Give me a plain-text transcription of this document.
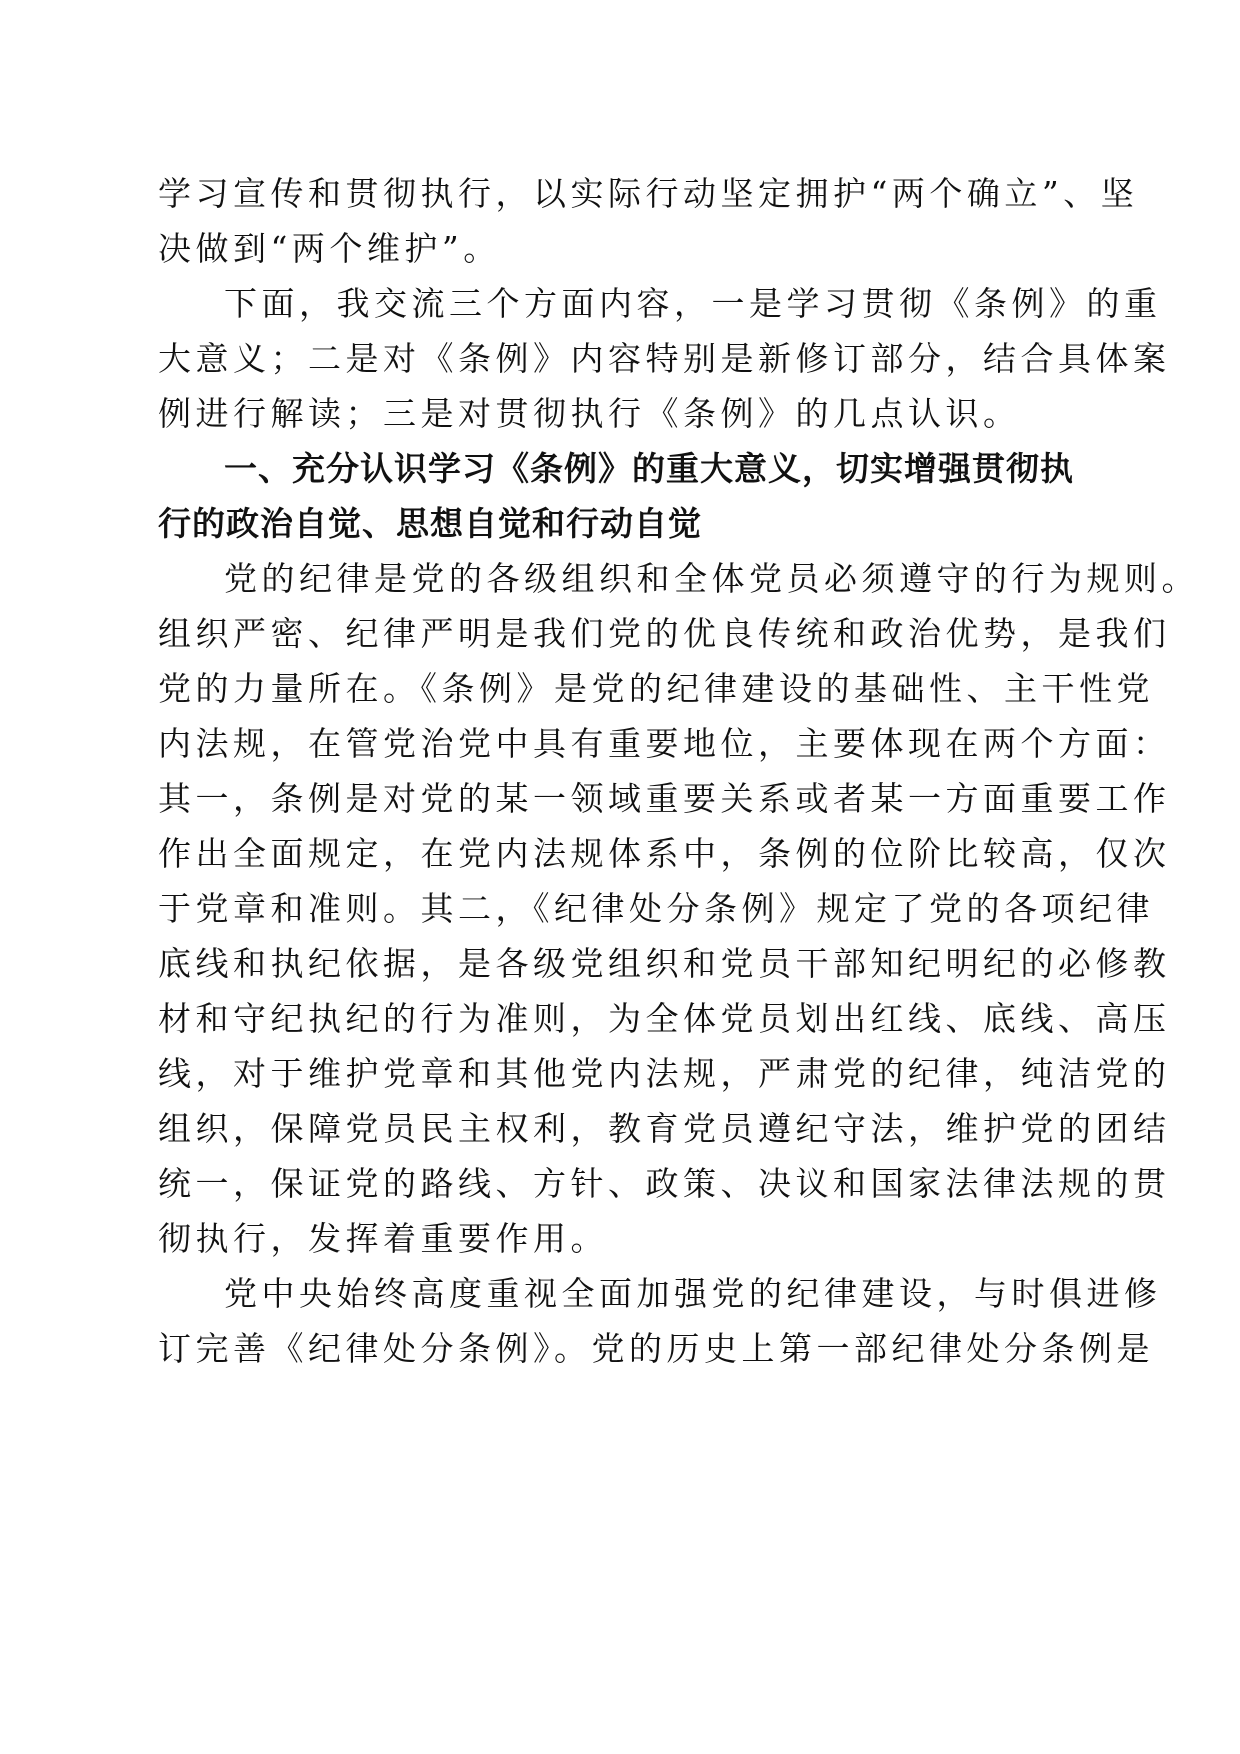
学习宣传和贯彻执行，以实际行动坚定拥护“两个确立”、坚
决做到“两个维护”。
下面，我交流三个方面内容，一是学习贯彻《条例》的重
大意义；二是对《条例》内容特别是新修订部分，结合具体案
例进行解读；三是对贯彻执行《条例》的几点认识。
一、充分认识学习《条例》的重大意义，切实增强贯彻执
行的政治自觉、思想自觉和行动自觉
党的纪律是党的各级组织和全体党员必须遵守的行为规则。
组织严密、纪律严明是我们党的优良传统和政治优势，是我们
党的力量所在。《条例》是党的纪律建设的基础性、主干性党
内法规，在管党治党中具有重要地位，主要体现在两个方面：
其一，条例是对党的某一领域重要关系或者某一方面重要工作
作出全面规定，在党内法规体系中，条例的位阶比较高，仅次
于党章和准则。其二，《纪律处分条例》规定了党的各项纪律
底线和执纪依据，是各级党组织和党员干部知纪明纪的必修教
材和守纪执纪的行为准则，为全体党员划出红线、底线、高压
线，对于维护党章和其他党内法规，严肃党的纪律，纯洁党的
组织，保障党员民主权利，教育党员遵纪守法，维护党的团结
统一，保证党的路线、方针、政策、决议和国家法律法规的贯
彻执行，发挥着重要作用。
党中央始终高度重视全面加强党的纪律建设，与时俱进修
订完善《纪律处分条例》。党的历史上第一部纪律处分条例是
